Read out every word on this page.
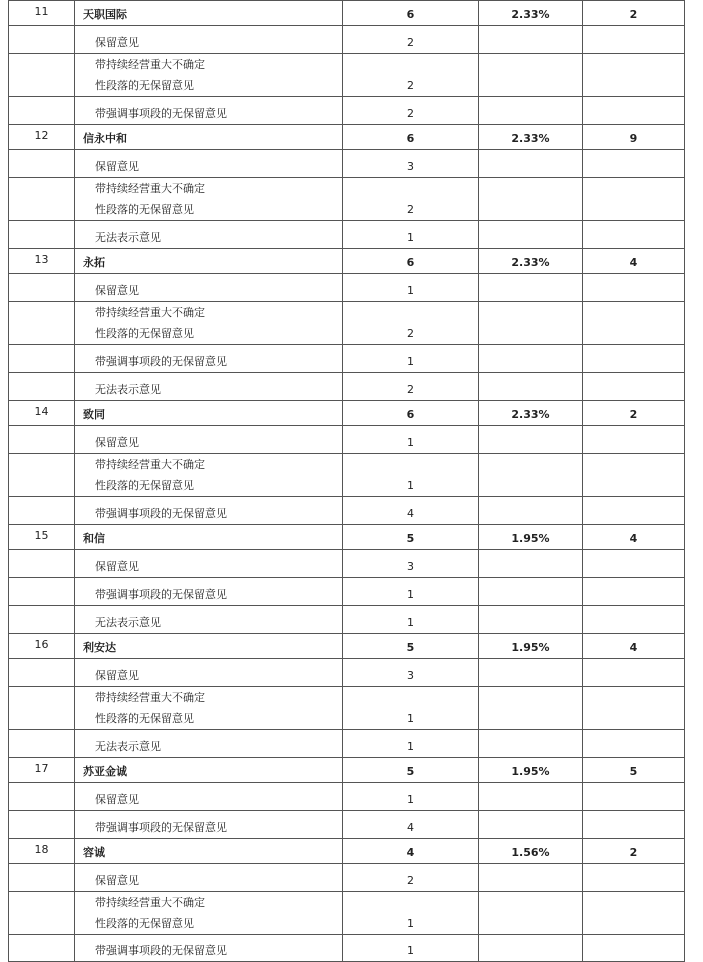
11	天职国际	6	2.33%	2

	保留意见	2		

	带持续经营重大不确定
性段落的无保留意见	2		

	带强调事项段的无保留意见	2		
12	信永中和	6	2.33%	9

	保留意见	3		

	带持续经营重大不确定
性段落的无保留意见	2		

	无法表示意见	1		
13	永拓	6	2.33%	4

	保留意见	1		

	带持续经营重大不确定
性段落的无保留意见	2		

	带强调事项段的无保留意见	1		

	无法表示意见	2		
14	致同	6	2.33%	2

	保留意见	1		

	带持续经营重大不确定
性段落的无保留意见	1		

	带强调事项段的无保留意见	4		
15	和信	5	1.95%	4

	保留意见	3		

	带强调事项段的无保留意见	1		

	无法表示意见	1		
16	利安达	5	1.95%	4

	保留意见	3		

	带持续经营重大不确定
性段落的无保留意见	1		

	无法表示意见	1		
17	苏亚金诚	5	1.95%	5

	保留意见	1		

	带强调事项段的无保留意见	4		
18	容诚	4	1.56%	2

	保留意见	2		

	带持续经营重大不确定
性段落的无保留意见	1		

	带强调事项段的无保留意见	1		
